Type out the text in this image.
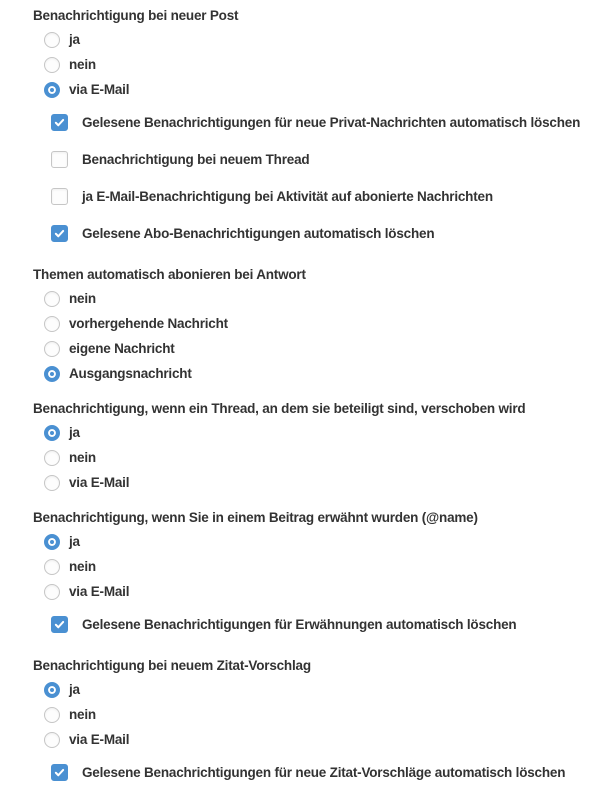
Benachrichtigung bei neuer Post
ja
nein
via E-Mail
Gelesene Benachrichtigungen für neue Privat-Nachrichten automatisch löschen
Benachrichtigung bei neuem Thread
ja E-Mail-Benachrichtigung bei Aktivität auf abonierte Nachrichten
Gelesene Abo-Benachrichtigungen automatisch löschen
Themen automatisch abonieren bei Antwort
nein
vorhergehende Nachricht
eigene Nachricht
Ausgangsnachricht
Benachrichtigung, wenn ein Thread, an dem sie beteiligt sind, verschoben wird
ja
nein
via E-Mail
Benachrichtigung, wenn Sie in einem Beitrag erwähnt wurden (@name)
ja
nein
via E-Mail
Gelesene Benachrichtigungen für Erwähnungen automatisch löschen
Benachrichtigung bei neuem Zitat-Vorschlag
ja
nein
via E-Mail
Gelesene Benachrichtigungen für neue Zitat-Vorschläge automatisch löschen
